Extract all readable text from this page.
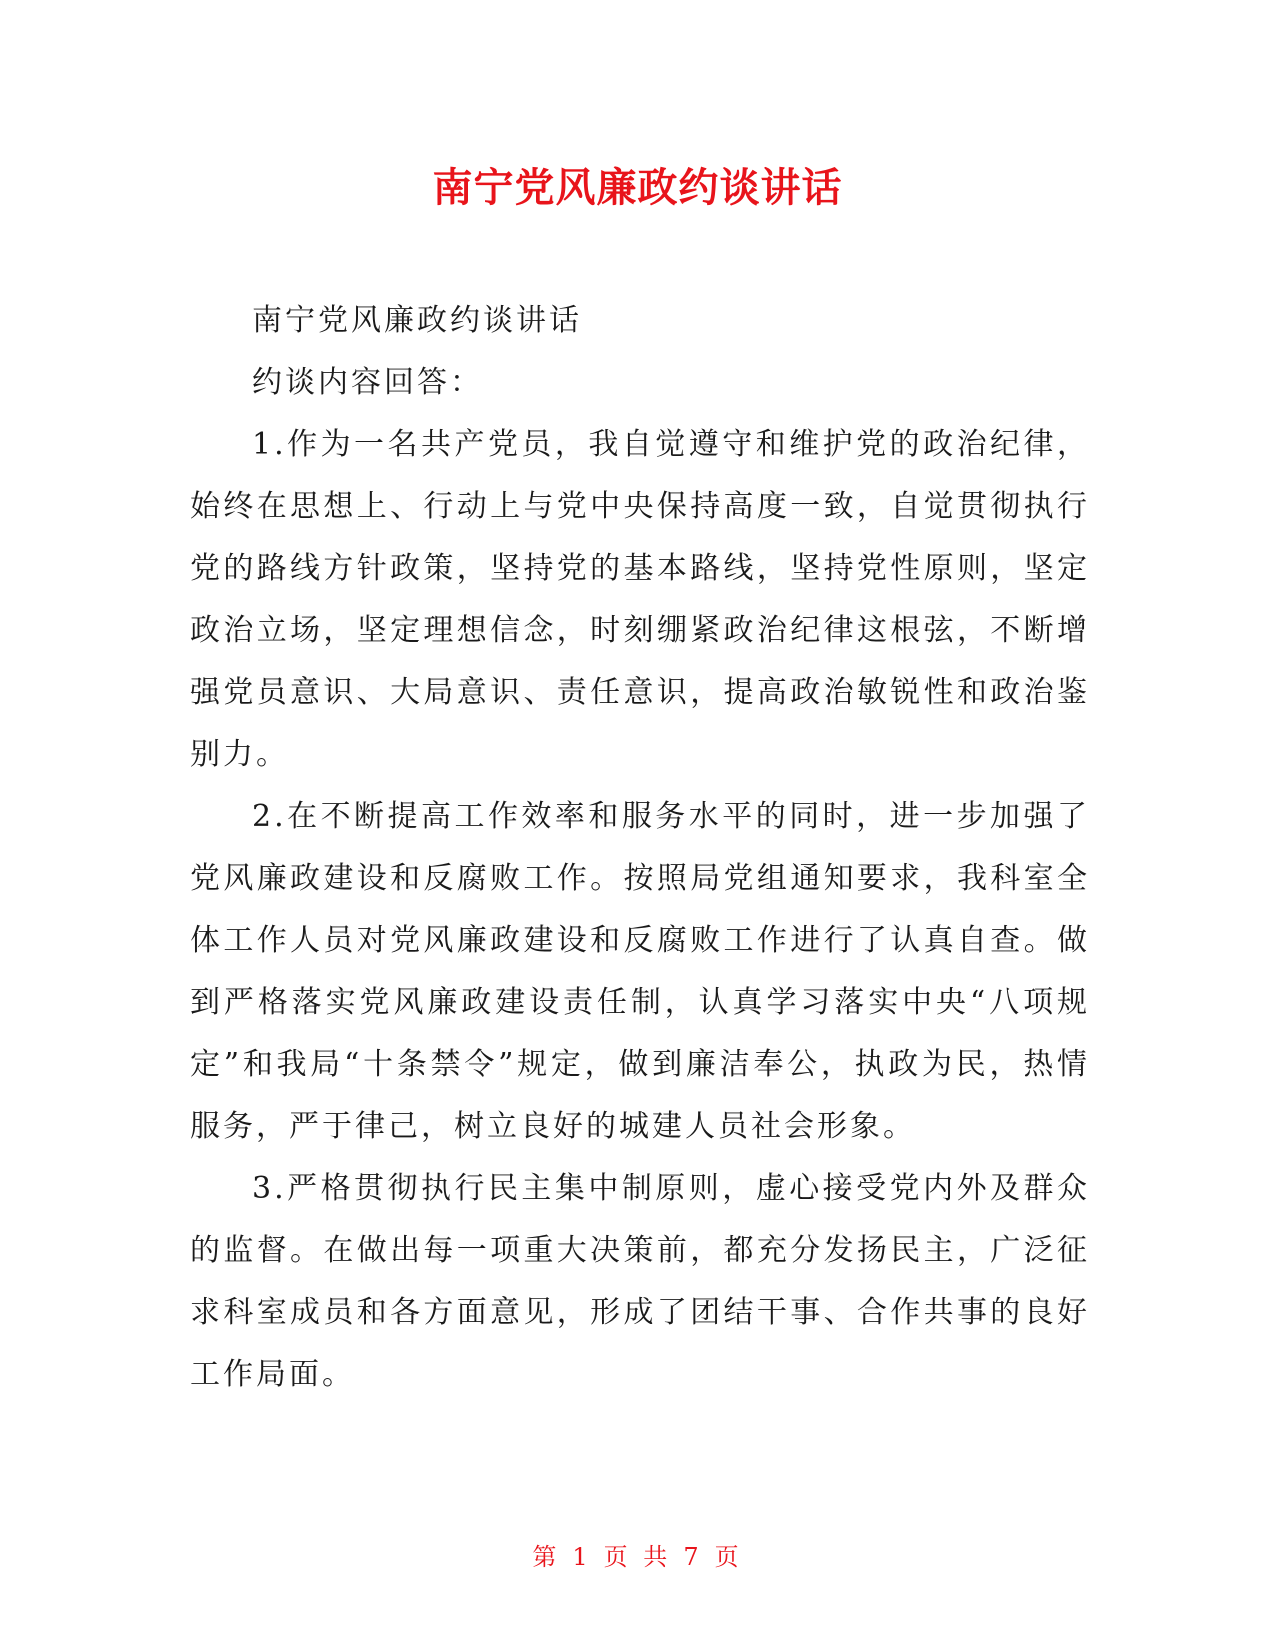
南宁党风廉政约谈讲话

南宁党风廉政约谈讲话

约谈内容回答：

1.作为一名共产党员，我自觉遵守和维护党的政治纪律，始终在思想上、行动上与党中央保持高度一致，自觉贯彻执行党的路线方针政策，坚持党的基本路线，坚持党性原则，坚定政治立场，坚定理想信念，时刻绷紧政治纪律这根弦，不断增强党员意识、大局意识、责任意识，提高政治敏锐性和政治鉴别力。

2.在不断提高工作效率和服务水平的同时，进一步加强了党风廉政建设和反腐败工作。按照局党组通知要求，我科室全体工作人员对党风廉政建设和反腐败工作进行了认真自查。做到严格落实党风廉政建设责任制，认真学习落实中央“八项规定”和我局“十条禁令”规定，做到廉洁奉公，执政为民，热情服务，严于律己，树立良好的城建人员社会形象。

3.严格贯彻执行民主集中制原则，虚心接受党内外及群众的监督。在做出每一项重大决策前，都充分发扬民主，广泛征求科室成员和各方面意见，形成了团结干事、合作共事的良好工作局面。

第 1 页 共 7 页
